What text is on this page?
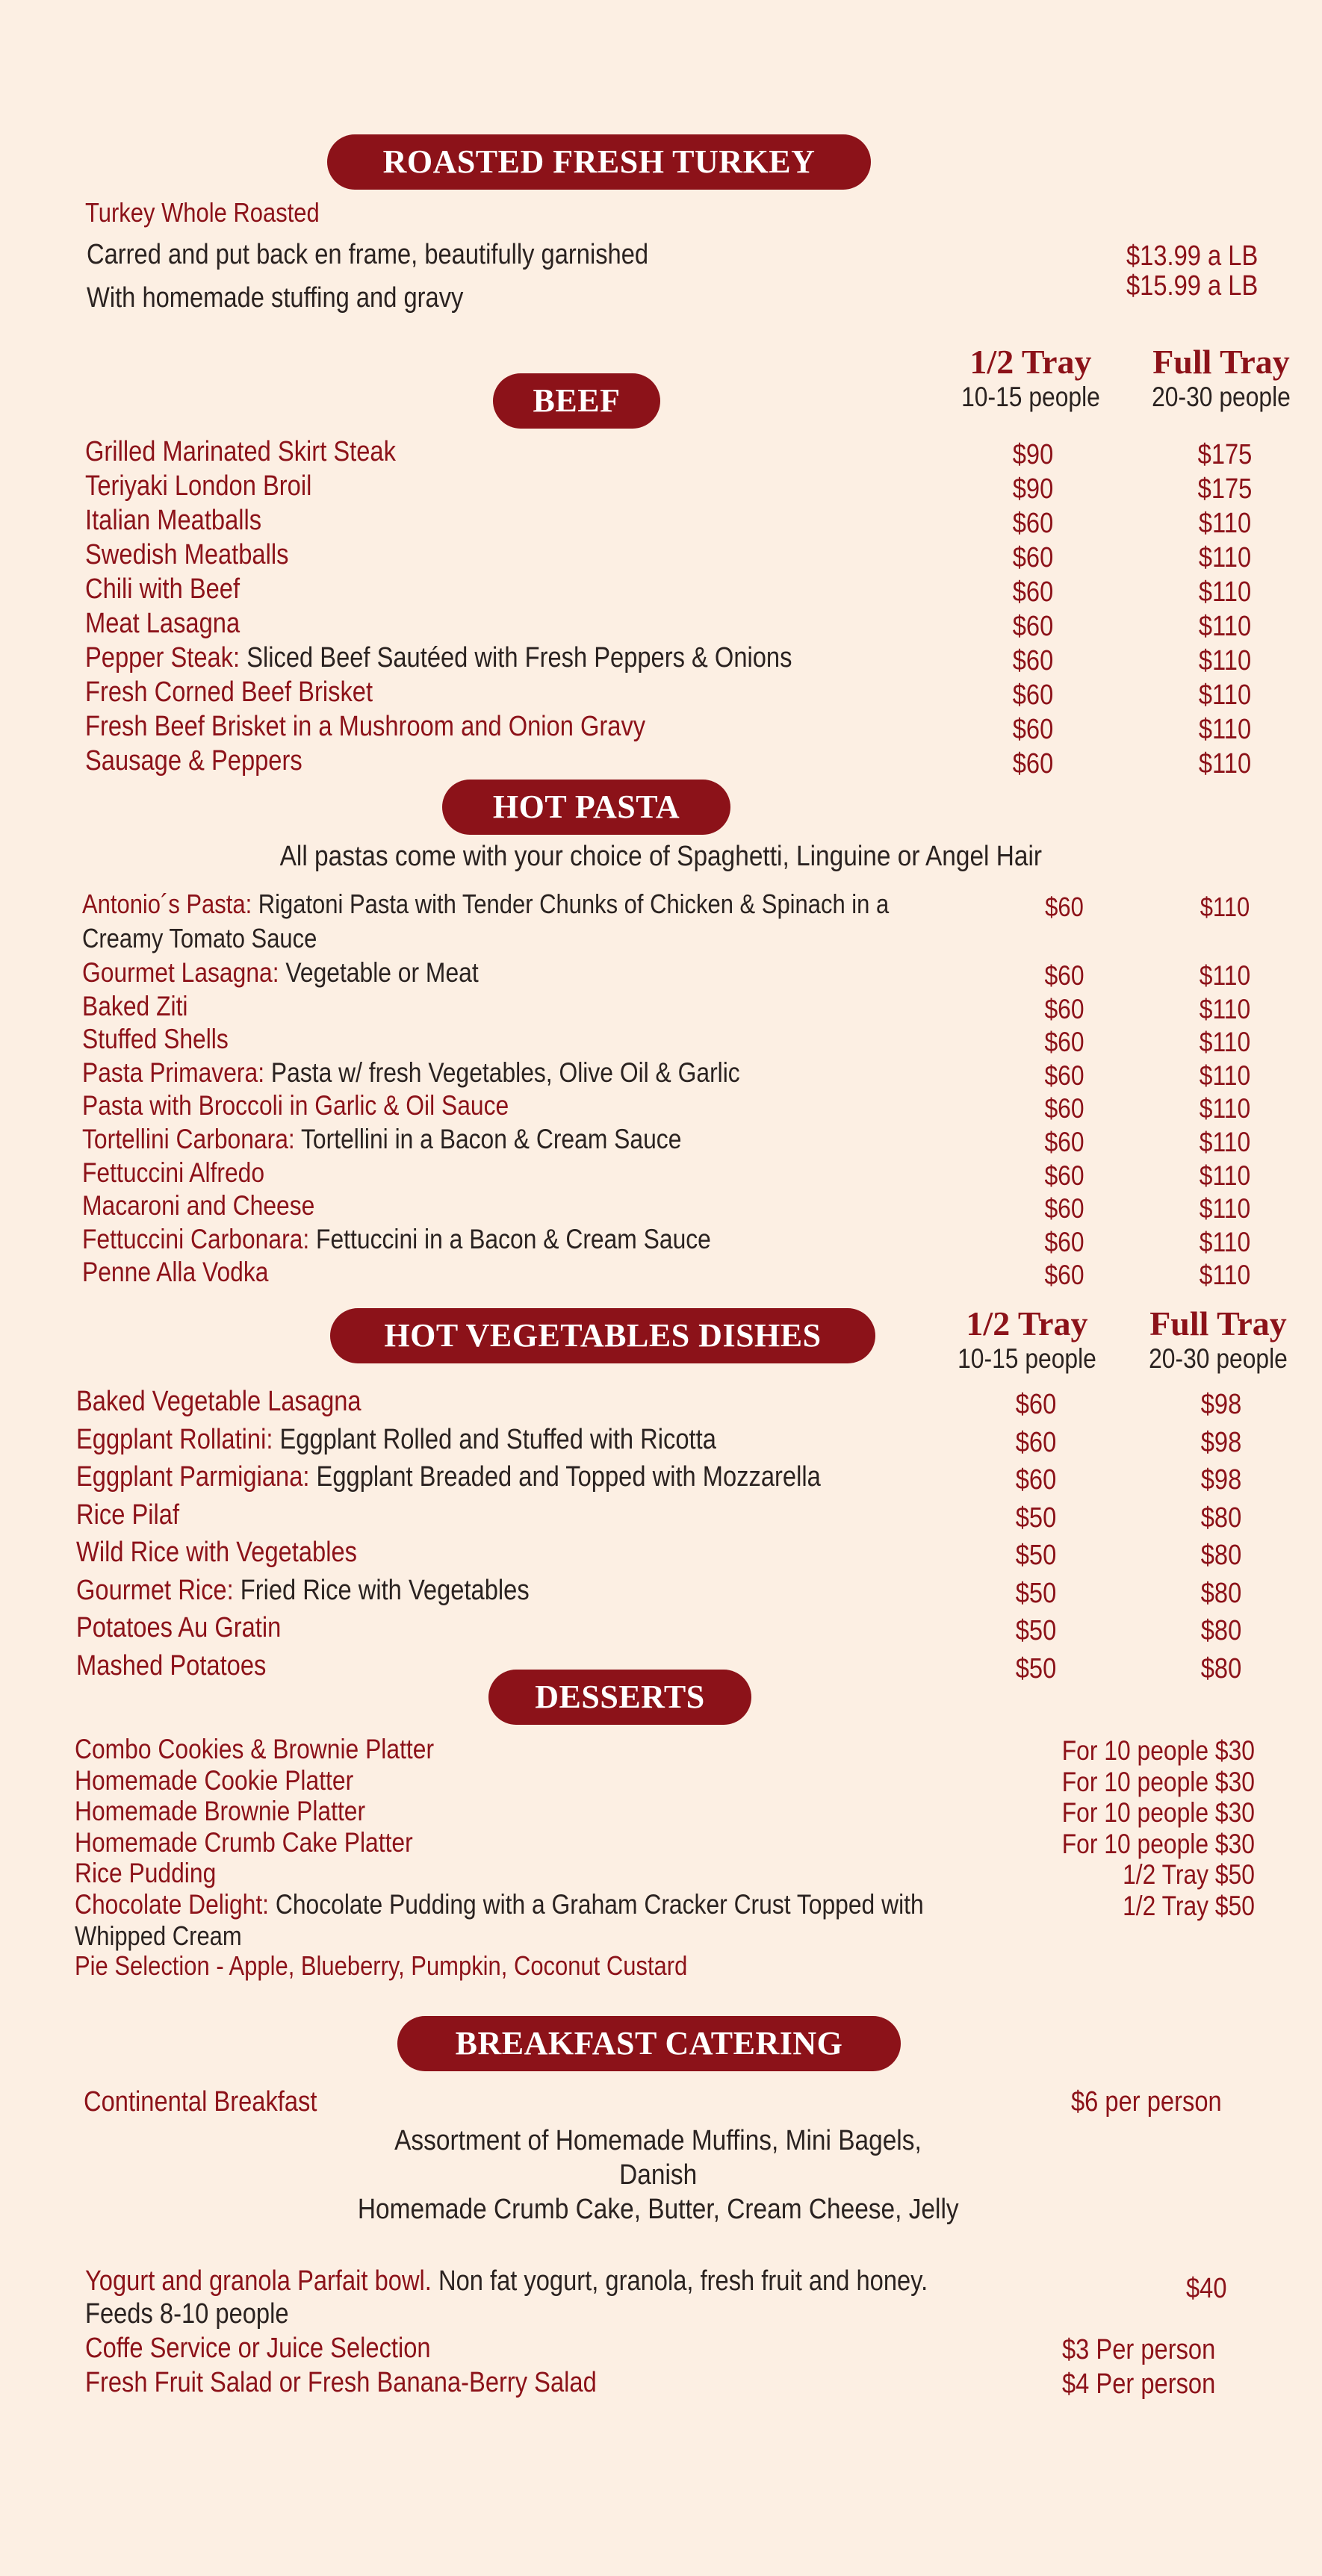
ROASTED FRESH TURKEY
Turkey Whole Roasted
Carred and put back en frame, beautifully garnished
With homemade stuffing and gravy
$13.99 a LB
$15.99 a LB
1/2 Tray
10-15 people
Full Tray
20-30 people
BEEF
Grilled Marinated Skirt Steak	$90	$175
Teriyaki London Broil	$90	$175
Italian Meatballs	$60	$110
Swedish Meatballs	$60	$110
Chili with Beef	$60	$110
Meat Lasagna	$60	$110
Pepper Steak: Sliced Beef Sautéed with Fresh Peppers & Onions	$60	$110
Fresh Corned Beef Brisket	$60	$110
Fresh Beef Brisket in a Mushroom and Onion Gravy	$60	$110
Sausage & Peppers	$60	$110
HOT PASTA
All pastas come with your choice of Spaghetti, Linguine or Angel Hair
Antonio´s Pasta: Rigatoni Pasta with Tender Chunks of Chicken & Spinach in a
Creamy Tomato Sauce
$60	$110
Gourmet Lasagna: Vegetable or Meat	$60	$110
Baked Ziti	$60	$110
Stuffed Shells	$60	$110
Pasta Primavera: Pasta w/ fresh Vegetables, Olive Oil & Garlic	$60	$110
Pasta with Broccoli in Garlic & Oil Sauce	$60	$110
Tortellini Carbonara: Tortellini in a Bacon & Cream Sauce	$60	$110
Fettuccini Alfredo	$60	$110
Macaroni and Cheese	$60	$110
Fettuccini Carbonara: Fettuccini in a Bacon & Cream Sauce	$60	$110
Penne Alla Vodka	$60	$110
HOT VEGETABLES DISHES	1/2 Tray
10-15 people
Full Tray
20-30 people
Baked Vegetable Lasagna	$60	$98
Eggplant Rollatini: Eggplant Rolled and Stuffed with Ricotta	$60	$98
Eggplant Parmigiana: Eggplant Breaded and Topped with Mozzarella	$60	$98
Rice Pilaf	$50	$80
Wild Rice with Vegetables	$50	$80
Gourmet Rice: Fried Rice with Vegetables	$50	$80
Potatoes Au Gratin	$50	$80
Mashed Potatoes	$50	$80
DESSERTS
Combo Cookies & Brownie Platter	For 10 people $30
Homemade Cookie Platter	For 10 people $30
Homemade Brownie Platter	For 10 people $30
Homemade Crumb Cake Platter	For 10 people $30
Rice Pudding	1/2 Tray $50
Chocolate Delight: Chocolate Pudding with a Graham Cracker Crust Topped with	1/2 Tray $50
Whipped Cream
Pie Selection - Apple, Blueberry, Pumpkin, Coconut Custard
BREAKFAST CATERING
Continental Breakfast	$6 per person
Assortment of Homemade Muffins, Mini Bagels,
Danish
Homemade Crumb Cake, Butter, Cream Cheese, Jelly
Yogurt and granola Parfait bowl. Non fat yogurt, granola, fresh fruit and honey.	$40
Feeds 8-10 people
Coffe Service or Juice Selection	$3 Per person
Fresh Fruit Salad or Fresh Banana-Berry Salad	$4 Per person
